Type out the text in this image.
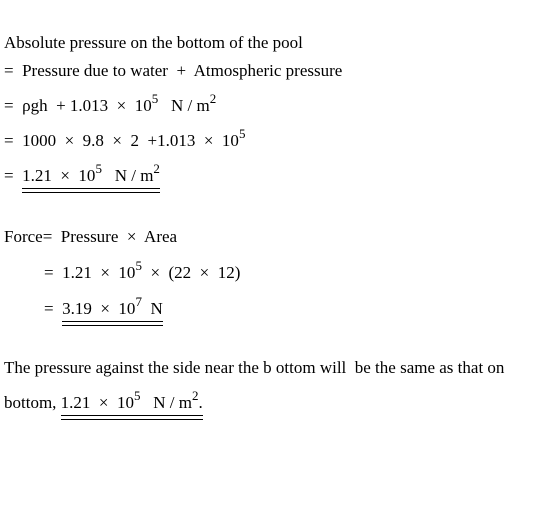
Absolute pressure on the bottom of the pool
=  Pressure due to water  +  Atmospheric pressure
=  $\rho gh + 1.013 \times 10^5$   N / $m^2$
=  $1000 \times 9.8 \times 2 +1.013 \times 10^5$
=  $1.21 \times 10^5$   N / $m^2$
Force=  Pressure  ×  Area
=  $1.21 \times 10^5 \times (22 \times 12)$
=  $3.19 \times 10^7$  N
The pressure against the side near the b ottom will  be the same as that on
bottom, $1.21 \times 10^5$   N / $m^2$.
